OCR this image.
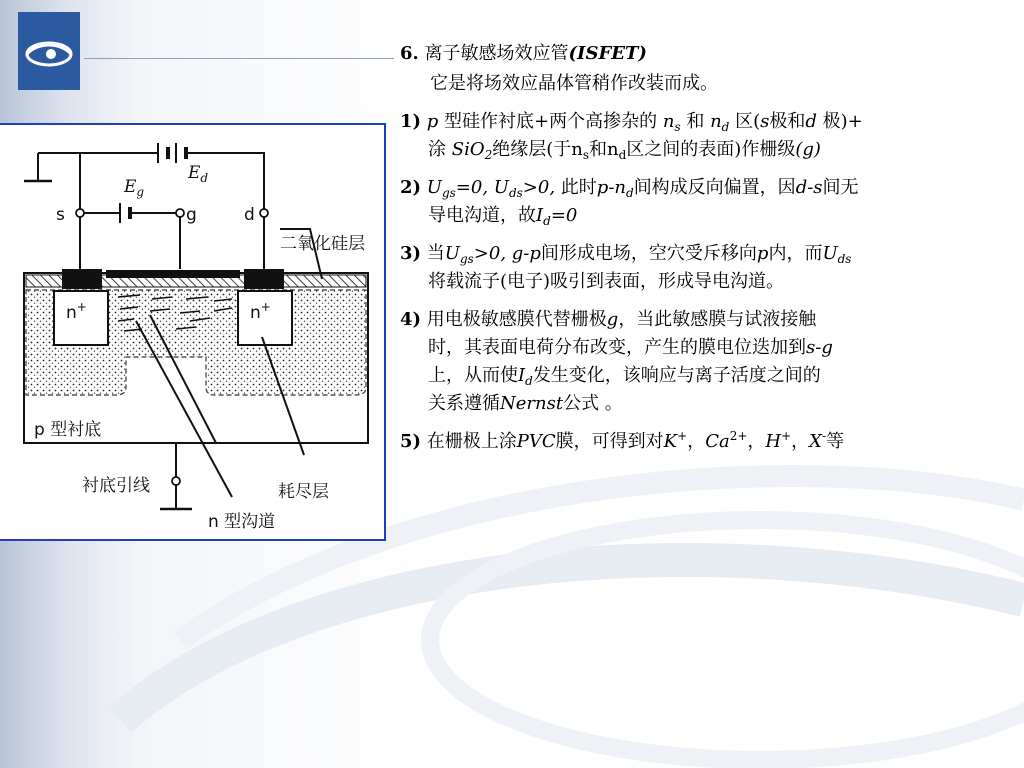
s	g	d
$E_g$
$E_d$
二氧化硅层
n+	n+
p 型衬底
衬底引线	耗尽层
n 型沟道
6. 离子敏感场效应管(ISFET)
它是将场效应晶体管稍作改装而成。
1) p 型硅作衬底+两个高掺杂的 $n_s$ 和 $n_d$ 区(s极和d 极)+
涂 SiO$_2$绝缘层(于$n_s$和$n_d$区之间的表面)作栅级(g)
2) $U_{gs}=0$, $U_{ds}>0$, 此时$p-n_d$间构成反向偏置，因d-s间无
导电沟道，故$I_d=0$
3) 当$U_{gs}>0$, g-p间形成电场，空穴受斥移向p内，而$U_{ds}$
将载流子(电子)吸引到表面，形成导电沟道。
4) 用电极敏感膜代替栅极g，当此敏感膜与试液接触
时，其表面电荷分布改变，产生的膜电位迭加到s-g
上，从而使$I_d$发生变化，该响应与离子活度之间的
关系遵循Nernst公式 。
5) 在栅极上涂PVC膜，可得到对K+，$Ca^{2+}$，H+，X-等
